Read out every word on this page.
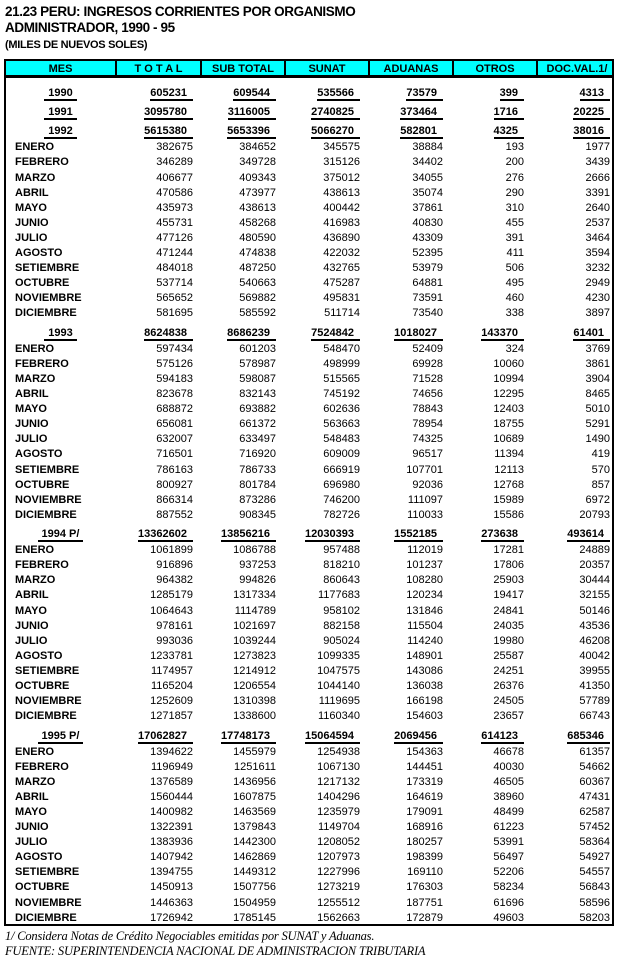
21.23 PERU: INGRESOS CORRIENTES POR ORGANISMO
ADMINISTRADOR, 1990 - 95
(MILES DE NUEVOS SOLES)
MES	T O T A L	SUB TOTAL	SUNAT	ADUANAS	OTROS	DOC.VAL.1/
1990	605231	609544	535566	73579	399	4313
1991	3095780	3116005	2740825	373464	1716	20225
1992	5615380	5653396	5066270	582801	4325	38016
ENERO	382675	384652	345575	38884	193	1977
FEBRERO	346289	349728	315126	34402	200	3439
MARZO	406677	409343	375012	34055	276	2666
ABRIL	470586	473977	438613	35074	290	3391
MAYO	435973	438613	400442	37861	310	2640
JUNIO	455731	458268	416983	40830	455	2537
JULIO	477126	480590	436890	43309	391	3464
AGOSTO	471244	474838	422032	52395	411	3594
SETIEMBRE	484018	487250	432765	53979	506	3232
OCTUBRE	537714	540663	475287	64881	495	2949
NOVIEMBRE	565652	569882	495831	73591	460	4230
DICIEMBRE	581695	585592	511714	73540	338	3897
1993	8624838	8686239	7524842	1018027	143370	61401
ENERO	597434	601203	548470	52409	324	3769
FEBRERO	575126	578987	498999	69928	10060	3861
MARZO	594183	598087	515565	71528	10994	3904
ABRIL	823678	832143	745192	74656	12295	8465
MAYO	688872	693882	602636	78843	12403	5010
JUNIO	656081	661372	563663	78954	18755	5291
JULIO	632007	633497	548483	74325	10689	1490
AGOSTO	716501	716920	609009	96517	11394	419
SETIEMBRE	786163	786733	666919	107701	12113	570
OCTUBRE	800927	801784	696980	92036	12768	857
NOVIEMBRE	866314	873286	746200	111097	15989	6972
DICIEMBRE	887552	908345	782726	110033	15586	20793
1994 P/	13362602	13856216	12030393	1552185	273638	493614
ENERO	1061899	1086788	957488	112019	17281	24889
FEBRERO	916896	937253	818210	101237	17806	20357
MARZO	964382	994826	860643	108280	25903	30444
ABRIL	1285179	1317334	1177683	120234	19417	32155
MAYO	1064643	1114789	958102	131846	24841	50146
JUNIO	978161	1021697	882158	115504	24035	43536
JULIO	993036	1039244	905024	114240	19980	46208
AGOSTO	1233781	1273823	1099335	148901	25587	40042
SETIEMBRE	1174957	1214912	1047575	143086	24251	39955
OCTUBRE	1165204	1206554	1044140	136038	26376	41350
NOVIEMBRE	1252609	1310398	1119695	166198	24505	57789
DICIEMBRE	1271857	1338600	1160340	154603	23657	66743
1995 P/	17062827	17748173	15064594	2069456	614123	685346
ENERO	1394622	1455979	1254938	154363	46678	61357
FEBRERO	1196949	1251611	1067130	144451	40030	54662
MARZO	1376589	1436956	1217132	173319	46505	60367
ABRIL	1560444	1607875	1404296	164619	38960	47431
MAYO	1400982	1463569	1235979	179091	48499	62587
JUNIO	1322391	1379843	1149704	168916	61223	57452
JULIO	1383936	1442300	1208052	180257	53991	58364
AGOSTO	1407942	1462869	1207973	198399	56497	54927
SETIEMBRE	1394755	1449312	1227996	169110	52206	54557
OCTUBRE	1450913	1507756	1273219	176303	58234	56843
NOVIEMBRE	1446363	1504959	1255512	187751	61696	58596
DICIEMBRE	1726942	1785145	1562663	172879	49603	58203
1/ Considera Notas de Crédito Negociables emitidas por SUNAT y Aduanas.
FUENTE: SUPERINTENDENCIA NACIONAL DE ADMINISTRACION TRIBUTARIA
